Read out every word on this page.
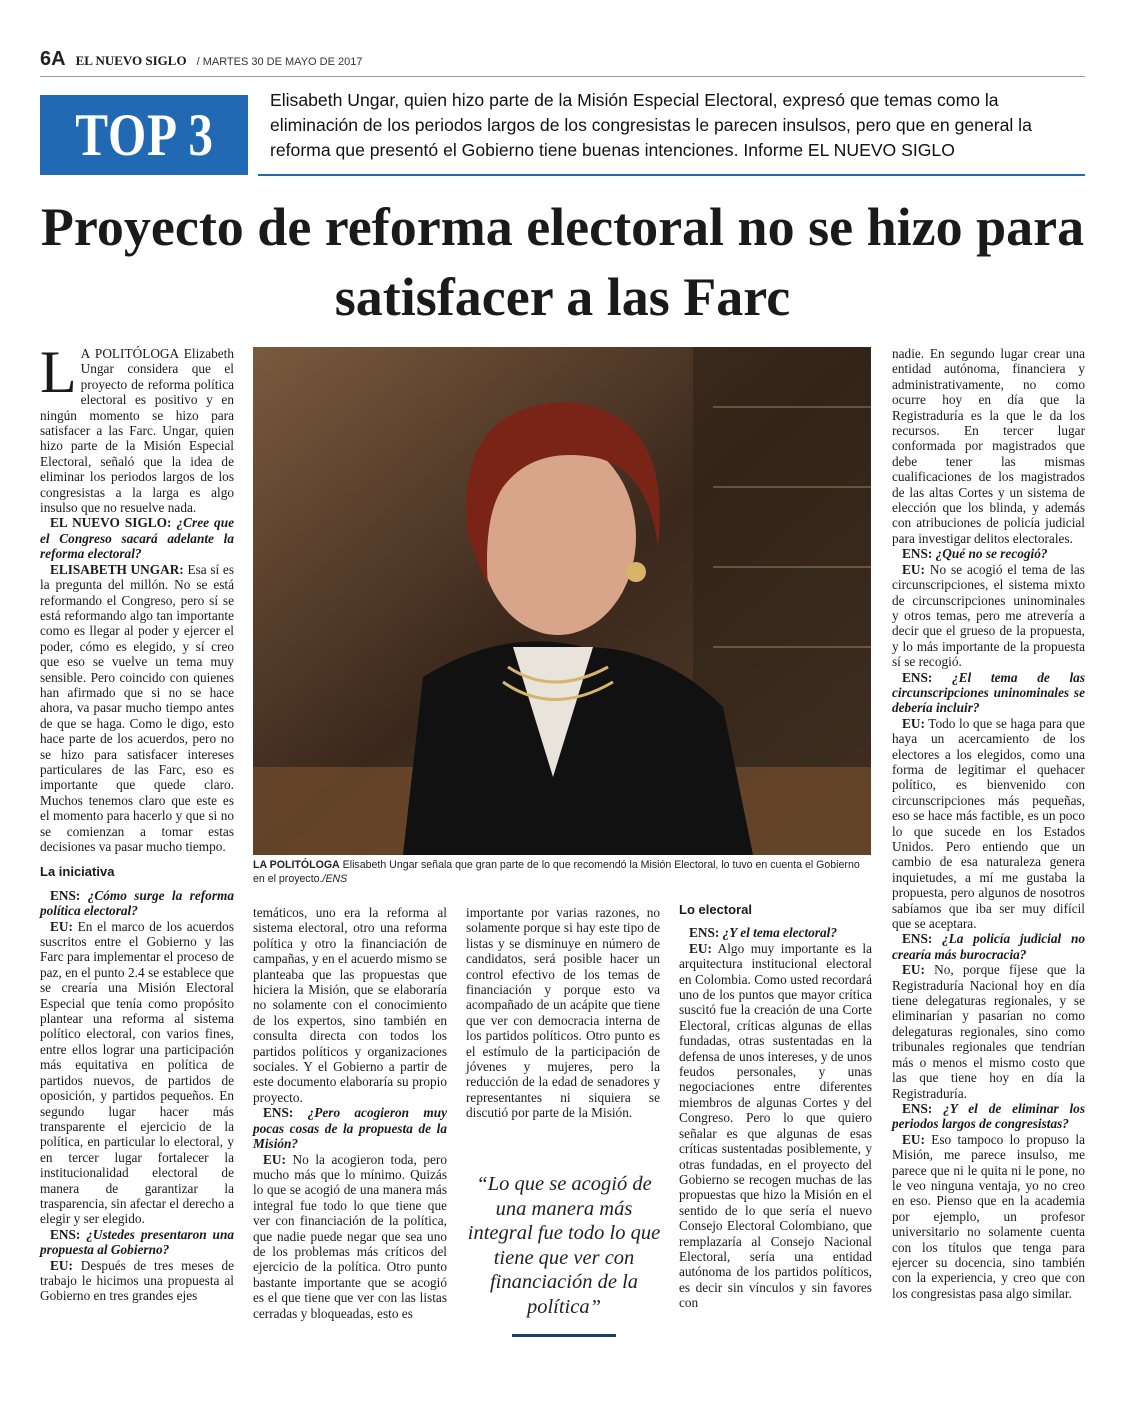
6A EL NUEVO SIGLO / MARTES 30 DE MAYO DE 2017
TOP 3
Elisabeth Ungar, quien hizo parte de la Misión Especial Electoral, expresó que temas como la eliminación de los periodos largos de los congresistas le parecen insulsos, pero que en general la reforma que presentó el Gobierno tiene buenas intenciones. Informe EL NUEVO SIGLO
Proyecto de reforma electoral no se hizo para satisfacer a las Farc

L A POLITÓLOGA Elizabeth Ungar considera que el proyecto de reforma política electoral es positivo y en ningún momento se hizo para satisfacer a las Farc. Ungar, quien hizo parte de la Misión Especial Electoral, señaló que la idea de eliminar los periodos largos de los congresistas a la larga es algo insulso que no resuelve nada.

EL NUEVO SIGLO: ¿Cree que el Congreso sacará adelante la reforma electoral?

ELISABETH UNGAR: Esa sí es la pregunta del millón. No se está reformando el Congreso, pero sí se está reformando algo tan importante como es llegar al poder y ejercer el poder, cómo es elegido, y sí creo que eso se vuelve un tema muy sensible. Pero coincido con quienes han afirmado que si no se hace ahora, va pasar mucho tiempo antes de que se haga. Como le digo, esto hace parte de los acuerdos, pero no se hizo para satisfacer intereses particulares de las Farc, eso es importante que quede claro. Muchos tenemos claro que este es el momento para hacerlo y que si no se comienzan a tomar estas decisiones va pasar mucho tiempo.

La iniciativa

ENS: ¿Cómo surge la reforma política electoral?

EU: En el marco de los acuerdos suscritos entre el Gobierno y las Farc para implementar el proceso de paz, en el punto 2.4 se establece que se crearía una Misión Electoral Especial que tenía como propósito plantear una reforma al sistema político electoral, con varios fines, entre ellos lograr una participación más equitativa en política de partidos nuevos, de partidos de oposición, y partidos pequeños. En segundo lugar hacer más transparente el ejercicio de la política, en particular lo electoral, y en tercer lugar fortalecer la institucionalidad electoral de manera de garantizar la trasparencia, sin afectar el derecho a elegir y ser elegido.

ENS: ¿Ustedes presentaron una propuesta al Gobierno?

EU: Después de tres meses de trabajo le hicimos una propuesta al Gobierno en tres grandes ejes

LA POLITÓLOGA Elisabeth Ungar señala que gran parte de lo que recomendó la Misión Electoral, lo tuvo en cuenta el Gobierno en el proyecto./ENS

temáticos, uno era la reforma al sistema electoral, otro una reforma política y otro la financiación de campañas, y en el acuerdo mismo se planteaba que las propuestas que hiciera la Misión, que se elaboraría no solamente con el conocimiento de los expertos, sino también en consulta directa con todos los partidos políticos y organizaciones sociales. Y el Gobierno a partir de este documento elaboraría su propio proyecto.

ENS: ¿Pero acogieron muy pocas cosas de la propuesta de la Misión?

EU: No la acogieron toda, pero mucho más que lo mínimo. Quizás lo que se acogió de una manera más integral fue todo lo que tiene que ver con financiación de la política, que nadie puede negar que sea uno de los problemas más críticos del ejercicio de la política. Otro punto bastante importante que se acogió es el que tiene que ver con las listas cerradas y bloqueadas, esto es

importante por varias razones, no solamente porque si hay este tipo de listas y se disminuye en número de candidatos, será posible hacer un control efectivo de los temas de financiación y porque esto va acompañado de un acápite que tiene que ver con democracia interna de los partidos políticos. Otro punto es el estímulo de la participación de jóvenes y mujeres, pero la reducción de la edad de senadores y representantes ni siquiera se discutió por parte de la Misión.

“Lo que se acogió de una manera más integral fue todo lo que tiene que ver con financiación de la política”
Lo electoral

ENS: ¿Y el tema electoral?

EU: Algo muy importante es la arquitectura institucional electoral en Colombia. Como usted recordará uno de los puntos que mayor crítica suscitó fue la creación de una Corte Electoral, críticas algunas de ellas fundadas, otras sustentadas en la defensa de unos intereses, y de unos feudos personales, y unas negociaciones entre diferentes miembros de algunas Cortes y del Congreso. Pero lo que quiero señalar es que algunas de esas críticas sustentadas posiblemente, y otras fundadas, en el proyecto del Gobierno se recogen muchas de las propuestas que hizo la Misión en el sentido de lo que sería el nuevo Consejo Electoral Colombiano, que remplazaría al Consejo Nacional Electoral, sería una entidad autónoma de los partidos políticos, es decir sin vínculos y sin favores con

nadie. En segundo lugar crear una entidad autónoma, financiera y administrativamente, no como ocurre hoy en día que la Registraduría es la que le da los recursos. En tercer lugar conformada por magistrados que debe tener las mismas cualificaciones de los magistrados de las altas Cortes y un sistema de elección que los blinda, y además con atribuciones de policía judicial para investigar delitos electorales.

ENS: ¿Qué no se recogió?

EU: No se acogió el tema de las circunscripciones, el sistema mixto de circunscripciones uninominales y otros temas, pero me atrevería a decir que el grueso de la propuesta, y lo más importante de la propuesta sí se recogió.

ENS: ¿El tema de las circunscripciones uninominales se debería incluir?

EU: Todo lo que se haga para que haya un acercamiento de los electores a los elegidos, como una forma de legitimar el quehacer político, es bienvenido con circunscripciones más pequeñas, eso se hace más factible, es un poco lo que sucede en los Estados Unidos. Pero entiendo que un cambio de esa naturaleza genera inquietudes, a mí me gustaba la propuesta, pero algunos de nosotros sabíamos que iba ser muy difícil que se aceptara.

ENS: ¿La policía judicial no crearía más burocracia?

EU: No, porque fíjese que la Registraduría Nacional hoy en día tiene delegaturas regionales, y se eliminarían y pasarían no como delegaturas regionales, sino como tribunales regionales que tendrían más o menos el mismo costo que las que tiene hoy en día la Registraduría.

ENS: ¿Y el de eliminar los periodos largos de congresistas?

EU: Eso tampoco lo propuso la Misión, me parece insulso, me parece que ni le quita ni le pone, no le veo ninguna ventaja, yo no creo en eso. Pienso que en la academia por ejemplo, un profesor universitario no solamente cuenta con los títulos que tenga para ejercer su docencia, sino también con la experiencia, y creo que con los congresistas pasa algo similar.
